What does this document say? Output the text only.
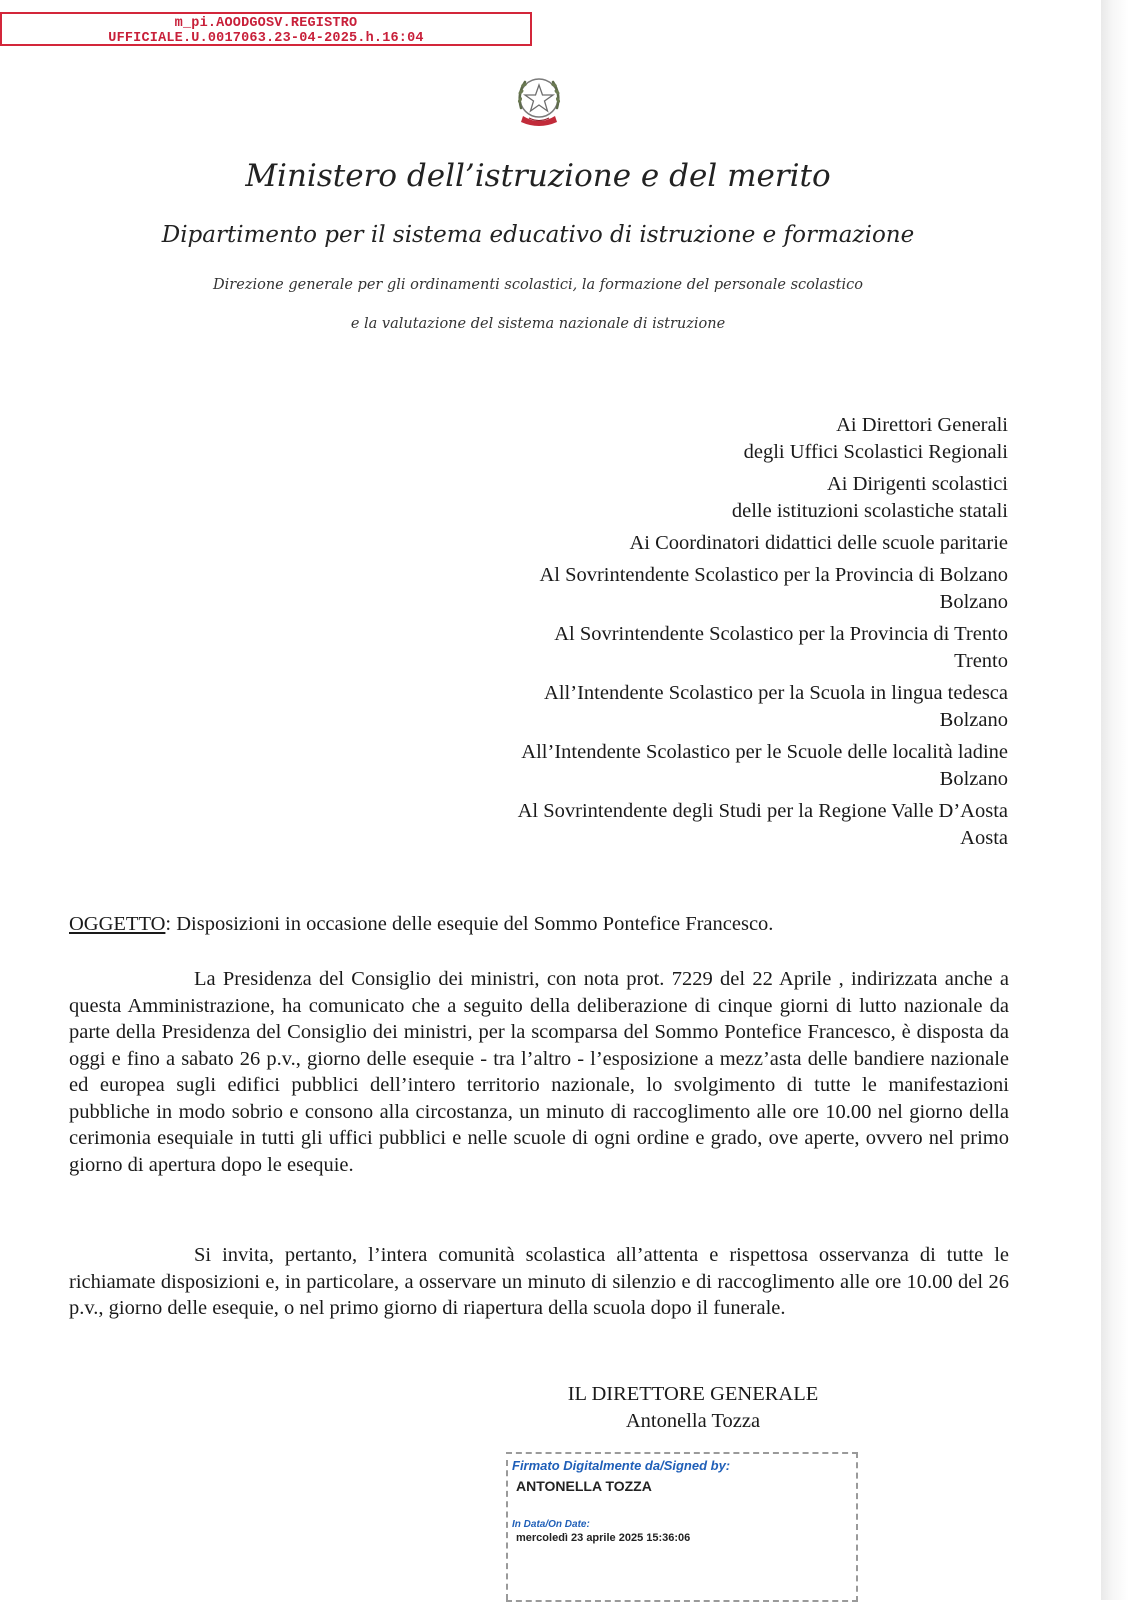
m_pi.AOODGOSV.REGISTRO
UFFICIALE.U.0017063.23-04-2025.h.16:04
Ministero dell’istruzione e del merito
Dipartimento per il sistema educativo di istruzione e formazione
Direzione generale per gli ordinamenti scolastici, la formazione del personale scolastico
e la valutazione del sistema nazionale di istruzione
Ai Direttori Generali
degli Uffici Scolastici Regionali
Ai Dirigenti scolastici
delle istituzioni scolastiche statali
Ai Coordinatori didattici delle scuole paritarie
Al Sovrintendente Scolastico per la Provincia di Bolzano
Bolzano
Al Sovrintendente Scolastico per la Provincia di Trento
Trento
All’Intendente Scolastico per la Scuola in lingua tedesca
Bolzano
All’Intendente Scolastico per le Scuole delle località ladine
Bolzano
Al Sovrintendente degli Studi per la Regione Valle D’Aosta
Aosta
OGGETTO: Disposizioni in occasione delle esequie del Sommo Pontefice Francesco.
La Presidenza del Consiglio dei ministri, con nota prot. 7229 del 22 Aprile , indirizzata anche a questa Amministrazione, ha comunicato che a seguito della deliberazione di cinque giorni di lutto nazionale da parte della Presidenza del Consiglio dei ministri, per la scomparsa del Sommo Pontefice Francesco, è disposta da oggi e fino a sabato 26 p.v., giorno delle esequie - tra l’altro - l’esposizione a mezz’asta delle bandiere nazionale ed europea sugli edifici pubblici dell’intero territorio nazionale, lo svolgimento di tutte le manifestazioni pubbliche in modo sobrio e consono alla circostanza, un minuto di raccoglimento alle ore 10.00 nel giorno della cerimonia esequiale in tutti gli uffici pubblici e nelle scuole di ogni ordine e grado, ove aperte, ovvero nel primo giorno di apertura dopo le esequie.
Si invita, pertanto, l’intera comunità scolastica all’attenta e rispettosa osservanza di tutte le richiamate disposizioni e, in particolare, a osservare un minuto di silenzio e di raccoglimento alle ore 10.00 del 26 p.v., giorno delle esequie, o nel primo giorno di riapertura della scuola dopo il funerale.
IL DIRETTORE GENERALE
Antonella Tozza
Firmato Digitalmente da/Signed by:
ANTONELLA TOZZA
In Data/On Date:
mercoledì 23 aprile 2025 15:36:06
